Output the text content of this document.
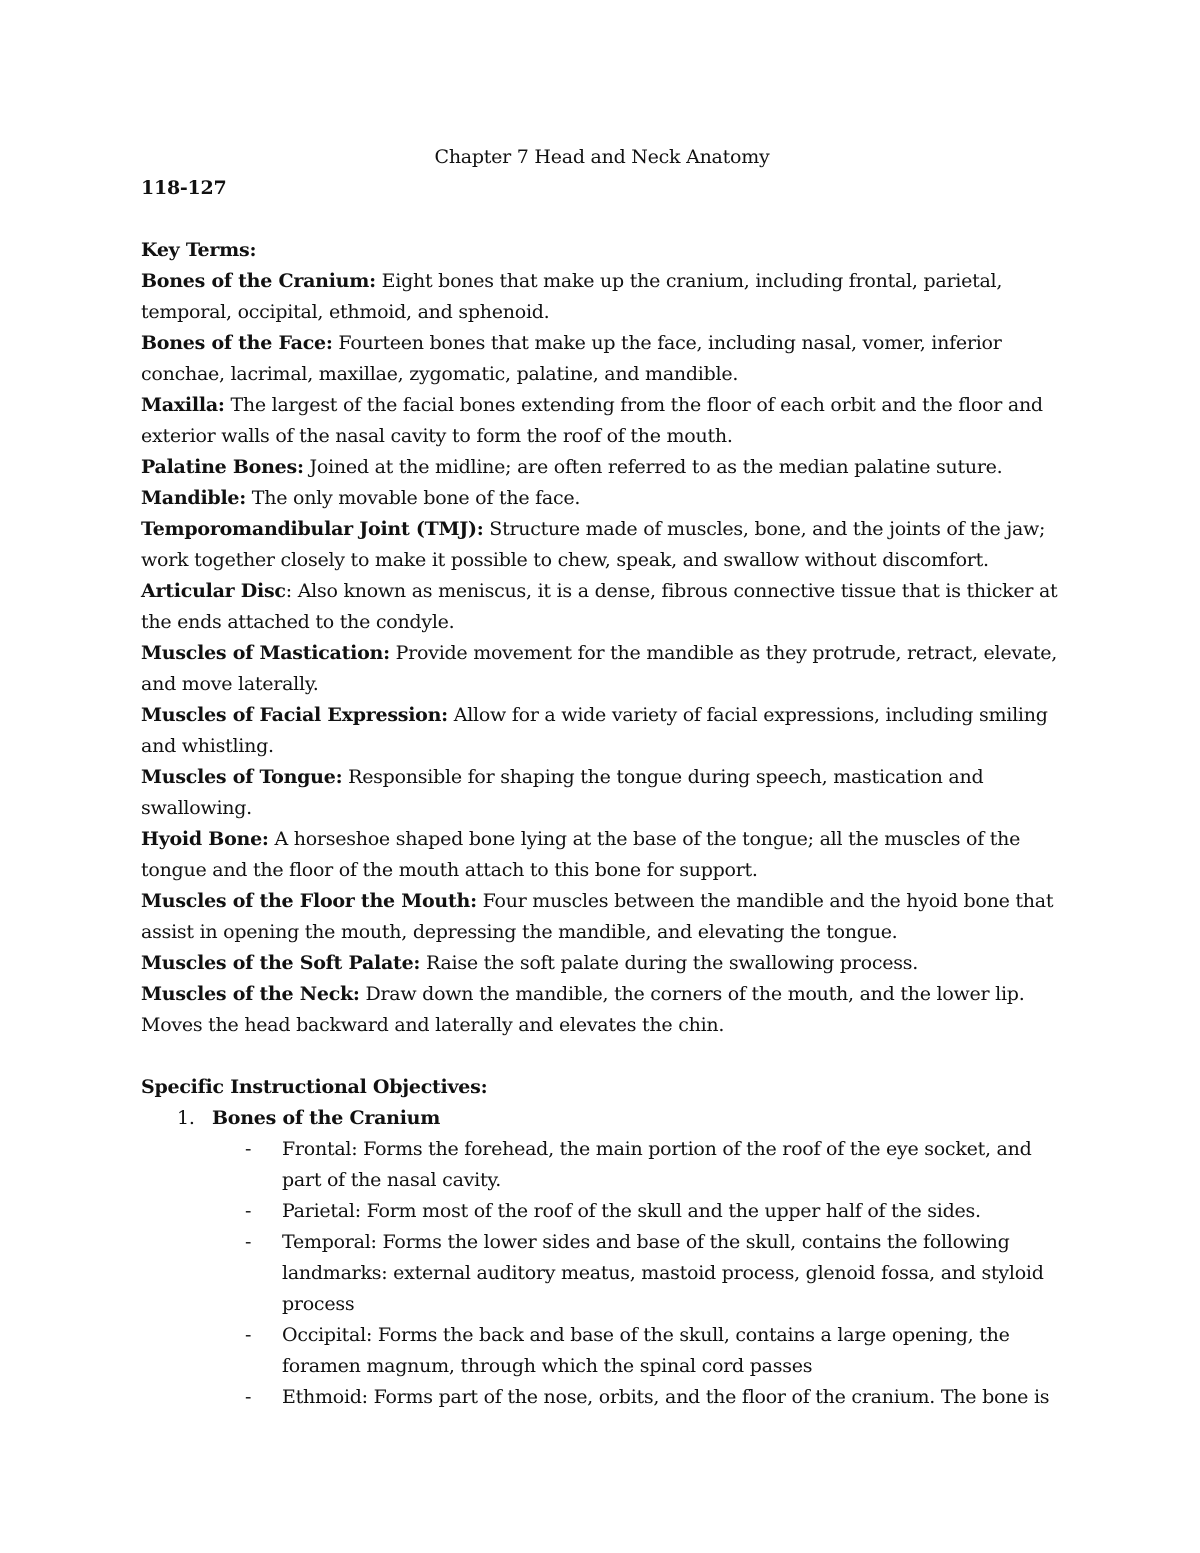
Chapter 7 Head and Neck Anatomy

118-127

Key Terms:

Bones of the Cranium: Eight bones that make up the cranium, including frontal, parietal, temporal, occipital, ethmoid, and sphenoid.

Bones of the Face: Fourteen bones that make up the face, including nasal, vomer, inferior conchae, lacrimal, maxillae, zygomatic, palatine, and mandible.

Maxilla: The largest of the facial bones extending from the floor of each orbit and the floor and exterior walls of the nasal cavity to form the roof of the mouth.

Palatine Bones: Joined at the midline; are often referred to as the median palatine suture.

Mandible: The only movable bone of the face.

Temporomandibular Joint (TMJ): Structure made of muscles, bone, and the joints of the jaw; work together closely to make it possible to chew, speak, and swallow without discomfort.

Articular Disc: Also known as meniscus, it is a dense, fibrous connective tissue that is thicker at the ends attached to the condyle.

Muscles of Mastication: Provide movement for the mandible as they protrude, retract, elevate, and move laterally.

Muscles of Facial Expression: Allow for a wide variety of facial expressions, including smiling and whistling.

Muscles of Tongue: Responsible for shaping the tongue during speech, mastication and swallowing.

Hyoid Bone: A horseshoe shaped bone lying at the base of the tongue; all the muscles of the tongue and the floor of the mouth attach to this bone for support.

Muscles of the Floor the Mouth: Four muscles between the mandible and the hyoid bone that assist in opening the mouth, depressing the mandible, and elevating the tongue.

Muscles of the Soft Palate: Raise the soft palate during the swallowing process.

Muscles of the Neck: Draw down the mandible, the corners of the mouth, and the lower lip. Moves the head backward and laterally and elevates the chin.

Specific Instructional Objectives:

1. Bones of the Cranium
- Frontal: Forms the forehead, the main portion of the roof of the eye socket, and part of the nasal cavity.
- Parietal: Form most of the roof of the skull and the upper half of the sides.
- Temporal: Forms the lower sides and base of the skull, contains the following landmarks: external auditory meatus, mastoid process, glenoid fossa, and styloid process
- Occipital: Forms the back and base of the skull, contains a large opening, the foramen magnum, through which the spinal cord passes
- Ethmoid: Forms part of the nose, orbits, and the floor of the cranium. The bone is
